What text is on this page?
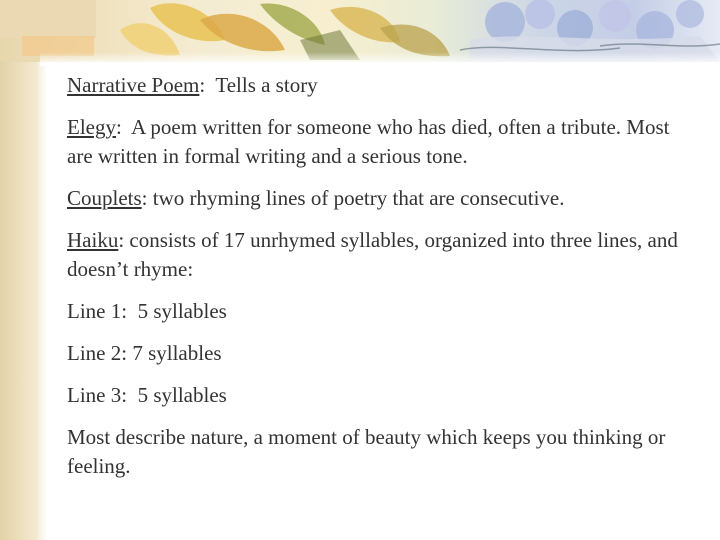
Narrative Poem:  Tells a story

Elegy:  A poem written for someone who has died, often a tribute. Most are written in formal writing and a serious tone.

Couplets: two rhyming lines of poetry that are consecutive.

Haiku: consists of 17 unrhymed syllables, organized into three lines, and doesn’t rhyme:

Line 1:  5 syllables

Line 2: 7 syllables

Line 3:  5 syllables

Most describe nature, a moment of beauty which keeps you thinking or feeling.
